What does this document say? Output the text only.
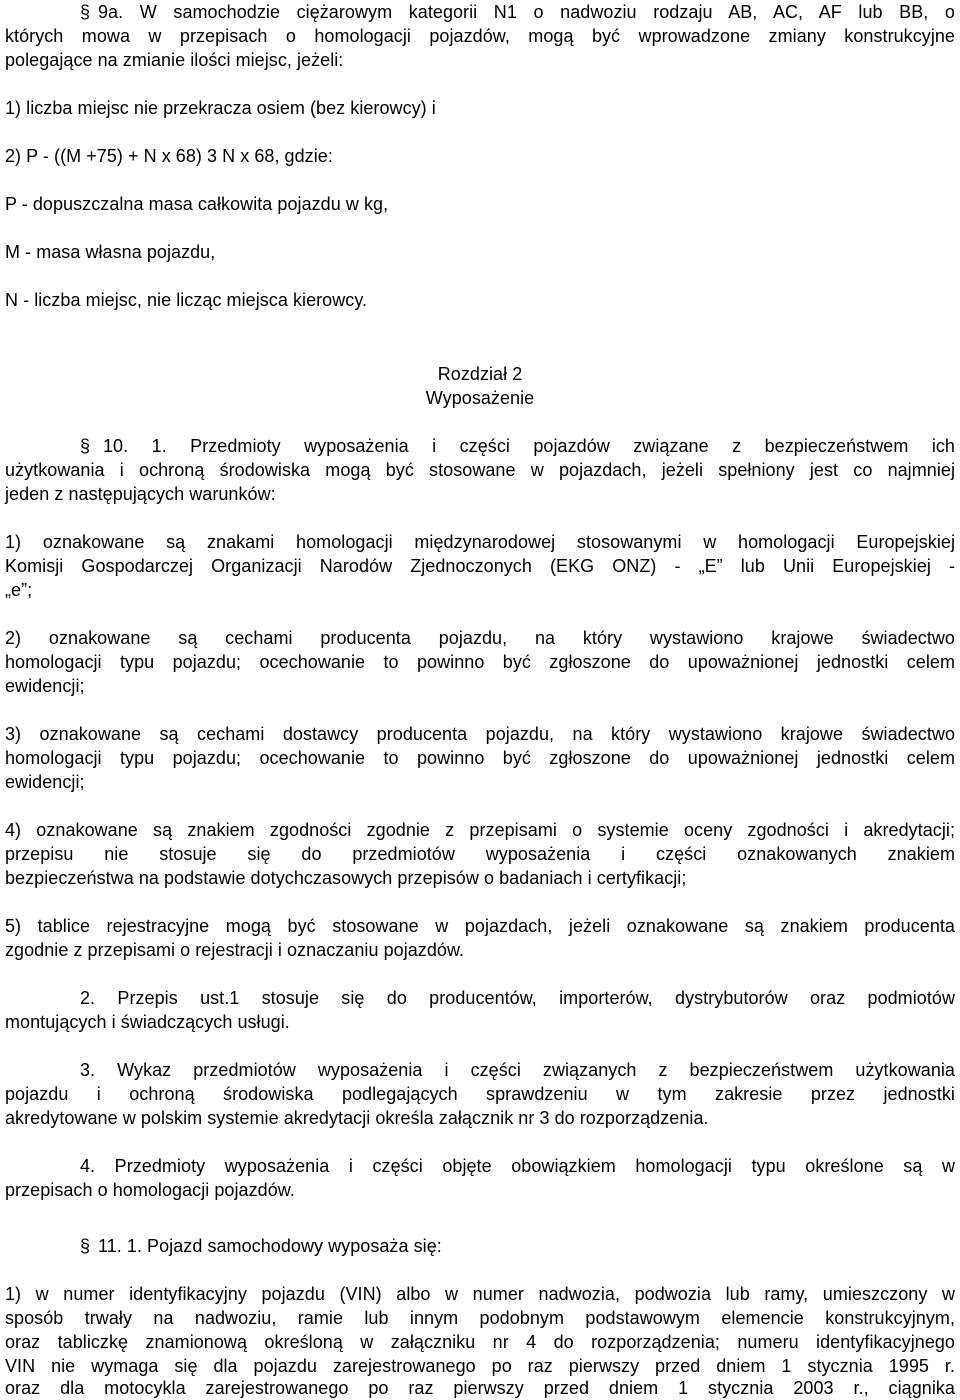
§ 9a. W samochodzie ciężarowym kategorii N1 o nadwoziu rodzaju AB, AC, AF lub BB, o
których mowa w przepisach o homologacji pojazdów, mogą być wprowadzone zmiany konstrukcyjne
polegające na zmianie ilości miejsc, jeżeli:
1) liczba miejsc nie przekracza osiem (bez kierowcy) i
2) P - ((M +75) + N x 68) 3 N x 68, gdzie:
P - dopuszczalna masa całkowita pojazdu w kg,
M - masa własna pojazdu,
N - liczba miejsc, nie licząc miejsca kierowcy.
Rozdział 2
Wyposażenie
§ 10. 1. Przedmioty wyposażenia i części pojazdów związane z bezpieczeństwem ich
użytkowania i ochroną środowiska mogą być stosowane w pojazdach, jeżeli spełniony jest co najmniej
jeden z następujących warunków:
1) oznakowane są znakami homologacji międzynarodowej stosowanymi w homologacji Europejskiej
Komisji Gospodarczej Organizacji Narodów Zjednoczonych (EKG ONZ) - „E” lub Unii Europejskiej -
„e”;
2) oznakowane są cechami producenta pojazdu, na który wystawiono krajowe świadectwo
homologacji typu pojazdu; ocechowanie to powinno być zgłoszone do upoważnionej jednostki celem
ewidencji;
3) oznakowane są cechami dostawcy producenta pojazdu, na który wystawiono krajowe świadectwo
homologacji typu pojazdu; ocechowanie to powinno być zgłoszone do upoważnionej jednostki celem
ewidencji;
4) oznakowane są znakiem zgodności zgodnie z przepisami o systemie oceny zgodności i akredytacji;
przepisu nie stosuje się do przedmiotów wyposażenia i części oznakowanych znakiem
bezpieczeństwa na podstawie dotychczasowych przepisów o badaniach i certyfikacji;
5) tablice rejestracyjne mogą być stosowane w pojazdach, jeżeli oznakowane są znakiem producenta
zgodnie z przepisami o rejestracji i oznaczaniu pojazdów.
2. Przepis ust.1 stosuje się do producentów, importerów, dystrybutorów oraz podmiotów
montujących i świadczących usługi.
3. Wykaz przedmiotów wyposażenia i części związanych z bezpieczeństwem użytkowania
pojazdu i ochroną środowiska podlegających sprawdzeniu w tym zakresie przez jednostki
akredytowane w polskim systemie akredytacji określa załącznik nr 3 do rozporządzenia.
4. Przedmioty wyposażenia i części objęte obowiązkiem homologacji typu określone są w
przepisach o homologacji pojazdów.
§ 11. 1. Pojazd samochodowy wyposaża się:
1) w numer identyfikacyjny pojazdu (VIN) albo w numer nadwozia, podwozia lub ramy, umieszczony w
sposób trwały na nadwoziu, ramie lub innym podobnym podstawowym elemencie konstrukcyjnym,
oraz tabliczkę znamionową określoną w załączniku nr 4 do rozporządzenia; numeru identyfikacyjnego
VIN nie wymaga się dla pojazdu zarejestrowanego po raz pierwszy przed dniem 1 stycznia 1995 r.
oraz dla motocykla zarejestrowanego po raz pierwszy przed dniem 1 stycznia 2003 r., ciągnika
